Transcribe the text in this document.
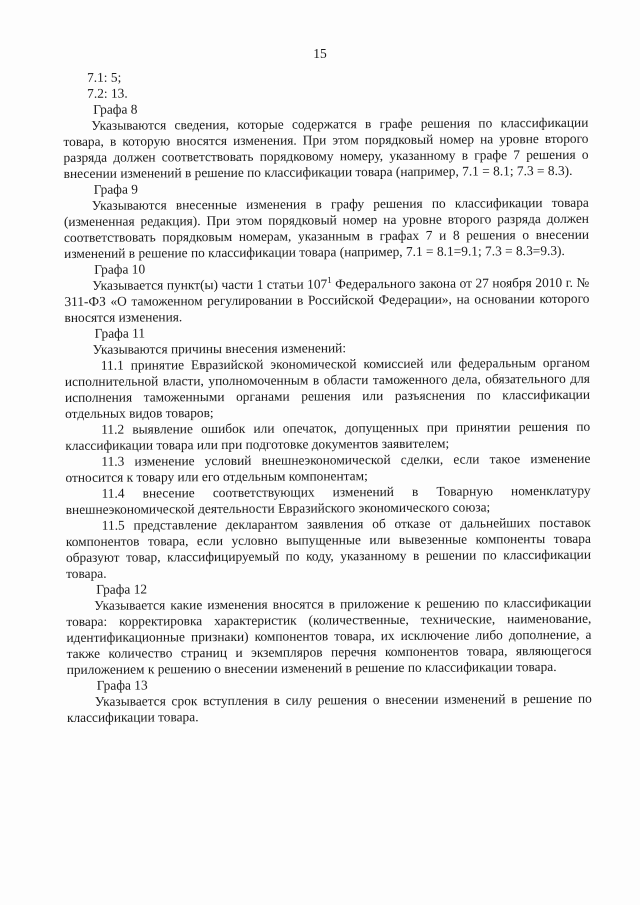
15

7.1: 5;

7.2: 13.

Графа 8

Указываются сведения, которые содержатся в графе решения по классификации товара, в которую вносятся изменения. При этом порядковый номер на уровне второго разряда должен соответствовать порядковому номеру, указанному в графе 7 решения о внесении изменений в решение по классификации товара (например, 7.1 = 8.1; 7.3 = 8.3).

Графа 9

Указываются внесенные изменения в графу решения по классификации товара (измененная редакция). При этом порядковый номер на уровне второго разряда должен соответствовать порядковым номерам, указанным в графах 7 и 8 решения о внесении изменений в решение по классификации товара (например, 7.1 = 8.1=9.1; 7.3 = 8.3=9.3).

Графа 10

Указывается пункт(ы) части 1 статьи $107^1$ Федерального закона от 27 ноября 2010 г. № 311-ФЗ «О таможенном регулировании в Российской Федерации», на основании которого вносятся изменения.

Графа 11

Указываются причины внесения изменений:

11.1 принятие Евразийской экономической комиссией или федеральным органом исполнительной власти, уполномоченным в области таможенного дела, обязательного для исполнения таможенными органами решения или разъяснения по классификации отдельных видов товаров;

11.2 выявление ошибок или опечаток, допущенных при принятии решения по классификации товара или при подготовке документов заявителем;

11.3 изменение условий внешнеэкономической сделки, если такое изменение относится к товару или его отдельным компонентам;

11.4 внесение соответствующих изменений в Товарную номенклатуру внешнеэкономической деятельности Евразийского экономического союза;

11.5 представление декларантом заявления об отказе от дальнейших поставок компонентов товара, если условно выпущенные или вывезенные компоненты товара образуют товар, классифицируемый по коду, указанному в решении по классификации товара.

Графа 12

Указывается какие изменения вносятся в приложение к решению по классификации товара: корректировка характеристик (количественные, технические, наименование, идентификационные признаки) компонентов товара, их исключение либо дополнение, а также количество страниц и экземпляров перечня компонентов товара, являющегося приложением к решению о внесении изменений в решение по классификации товара.

Графа 13

Указывается срок вступления в силу решения о внесении изменений в решение по классификации товара.
